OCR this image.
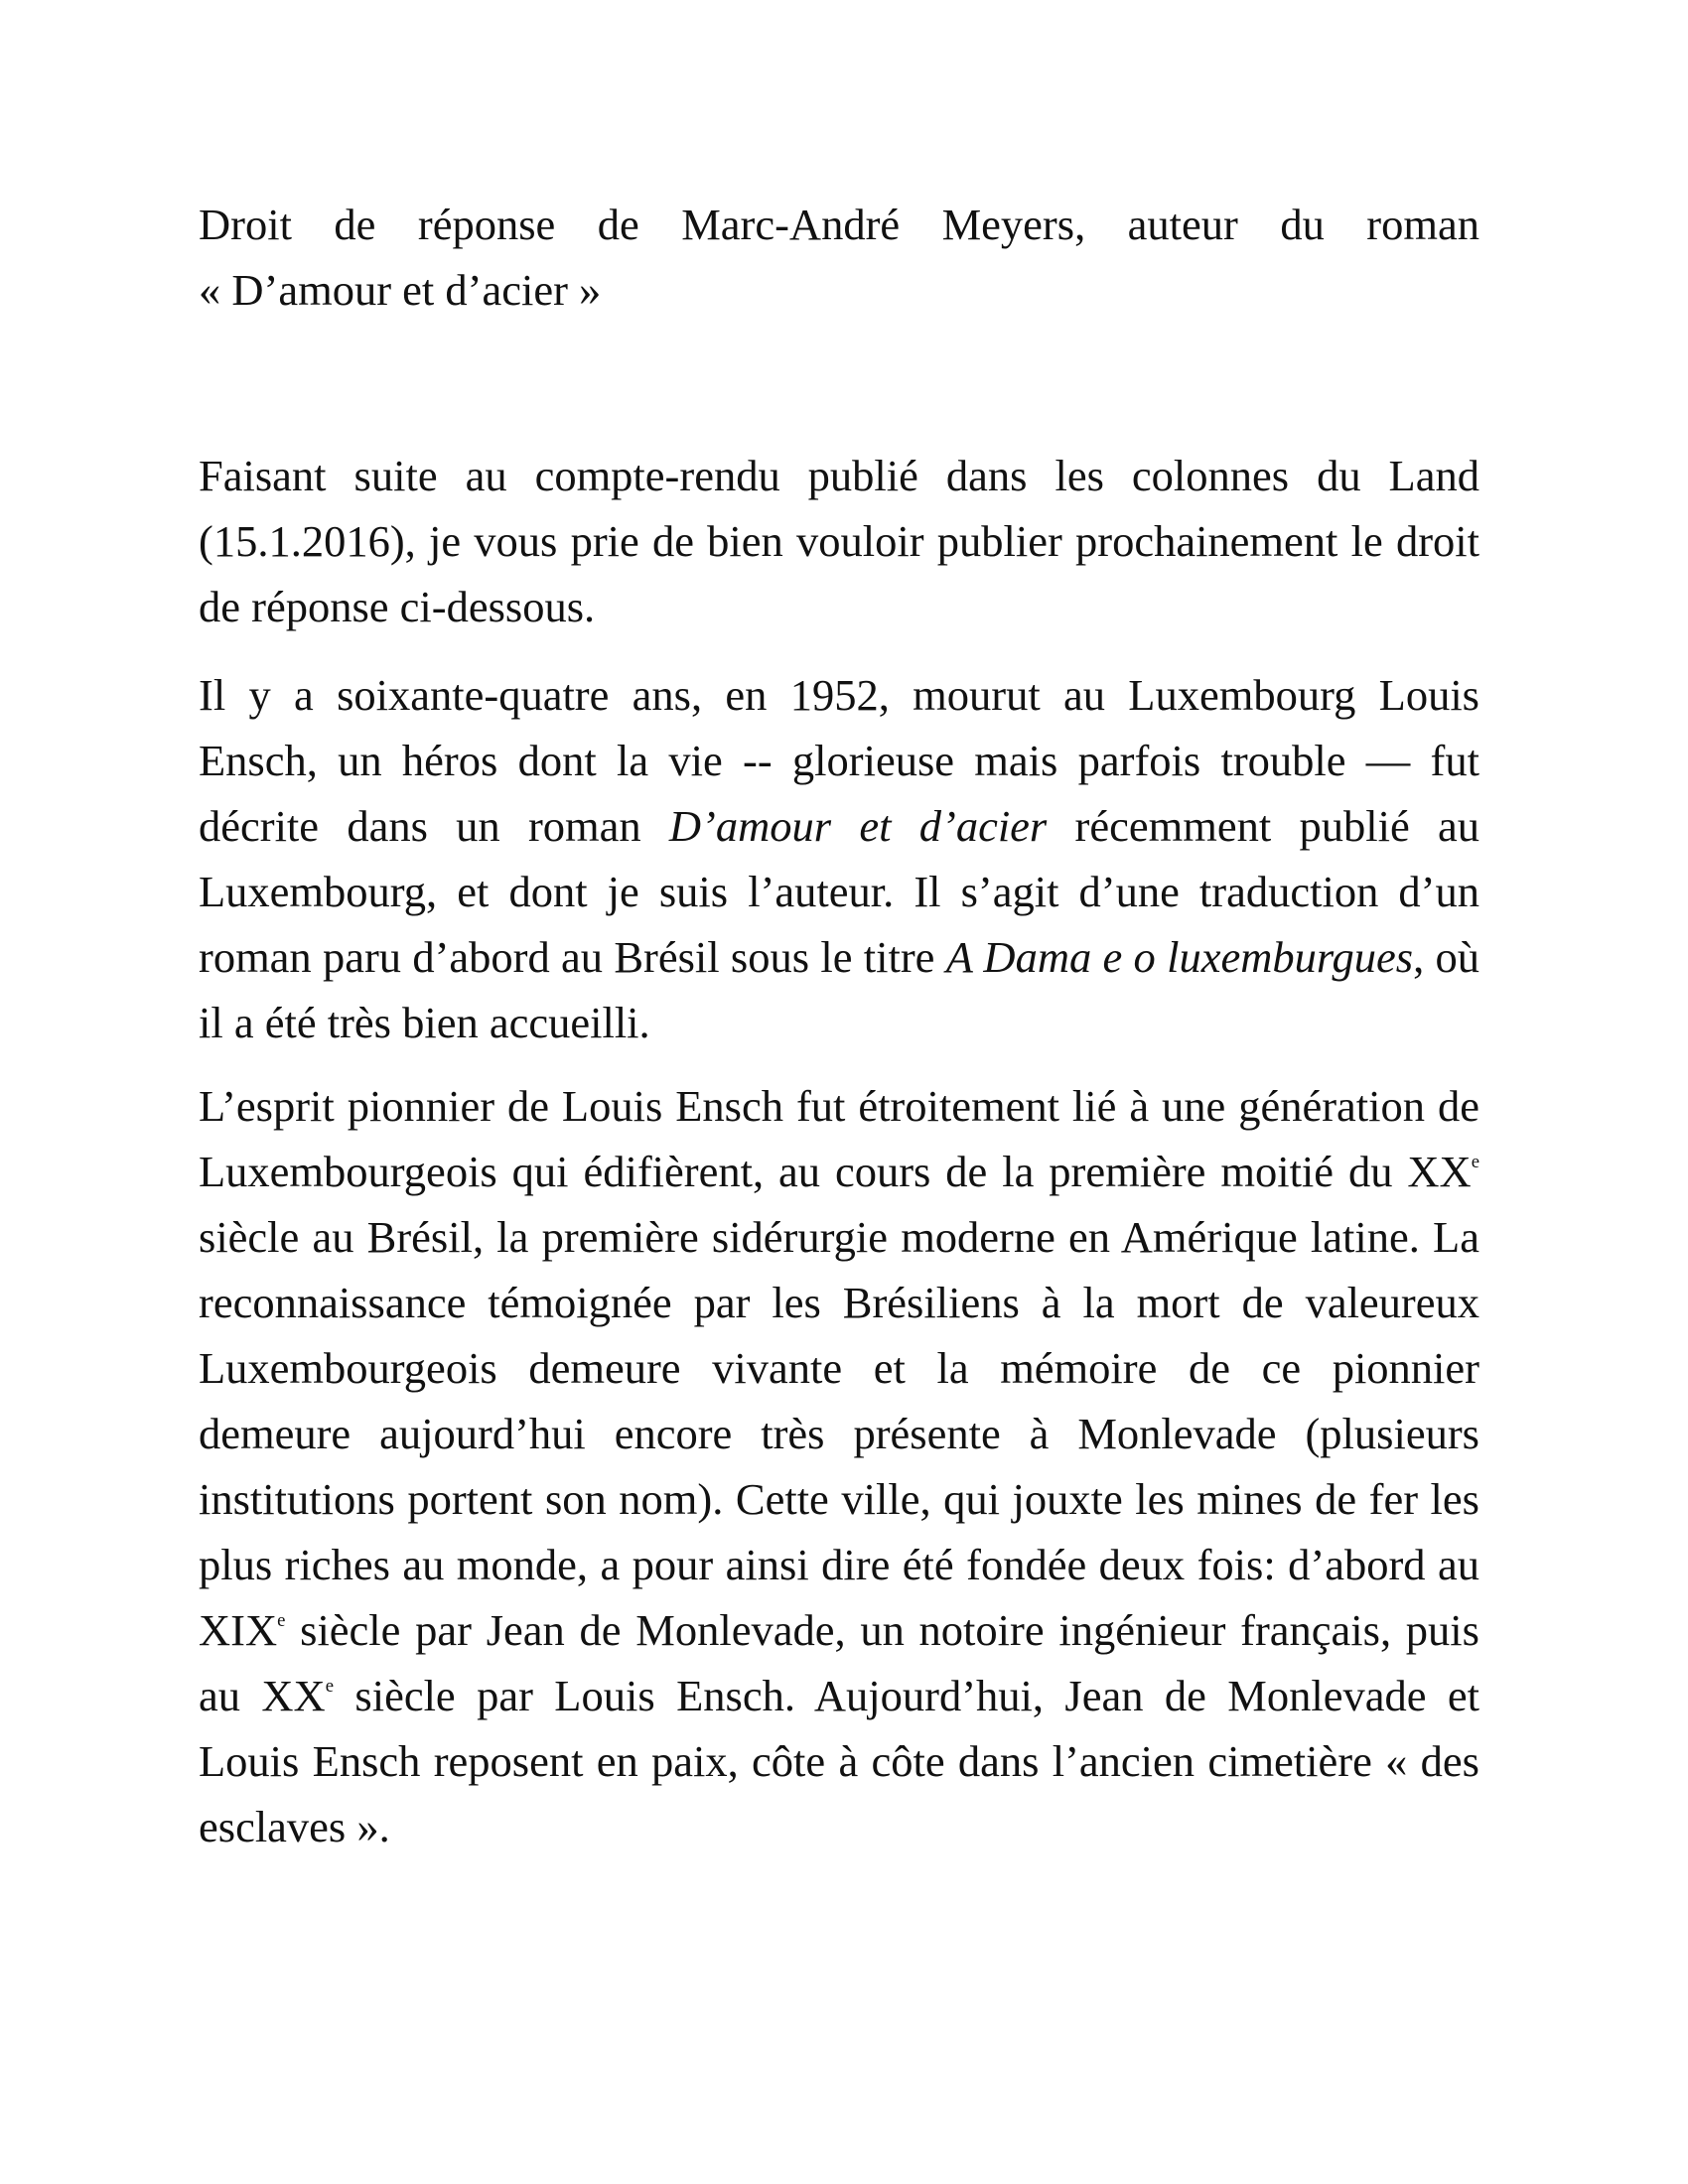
Droit de réponse de Marc-André Meyers, auteur du roman

« D’amour et d’acier »

Faisant suite au compte-rendu publié dans les colonnes du Land (15.1.2016), je vous prie de bien vouloir publier prochainement le droit de réponse ci-dessous.

Il y a soixante-quatre ans, en 1952, mourut au Luxembourg Louis Ensch, un héros dont la vie -- glorieuse mais parfois trouble — fut décrite dans un roman D’amour et d’acier récemment publié au Luxembourg, et dont je suis l’auteur. Il s’agit d’une traduction d’un roman paru d’abord au Brésil sous le titre A Dama e o luxemburgues, où il a été très bien accueilli.

L’esprit pionnier de Louis Ensch fut étroitement lié à une génération de Luxembourgeois qui édifièrent, au cours de la première moitié du XXe siècle au Brésil, la première sidérurgie moderne en Amérique latine. La reconnaissance témoignée par les Brésiliens à la mort de valeureux Luxembourgeois demeure vivante et la mémoire de ce pionnier demeure aujourd’hui encore très présente à Monlevade (plusieurs institutions portent son nom). Cette ville, qui jouxte les mines de fer les plus riches au monde, a pour ainsi dire été fondée deux fois: d’abord au XIXe siècle par Jean de Monlevade, un notoire ingénieur français, puis au XXe siècle par Louis Ensch. Aujourd’hui, Jean de Monlevade et Louis Ensch reposent en paix, côte à côte dans l’ancien cimetière « des esclaves ».
